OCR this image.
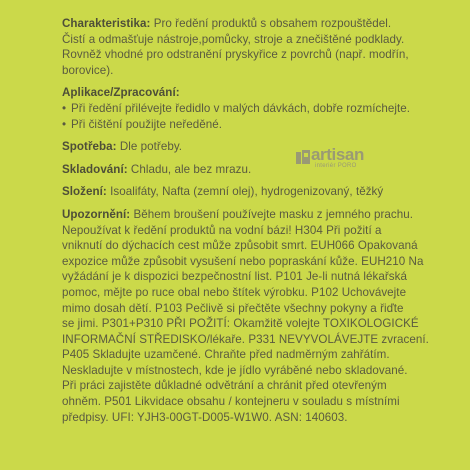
Charakteristika: Pro ředění produktů s obsahem rozpouštědel.
Čistí a odmašťuje nástroje,pomůcky, stroje a znečištěné podklady.
Rovněž vhodné pro odstranění pryskyřice z povrchů (např. modřín,
borovice).
Aplikace/Zpracování:
• Při ředění přilévejte ředidlo v malých dávkách, dobře rozmíchejte.
• Při čištění použijte neředěné.
Spotřeba: Dle potřeby.
Skladování: Chladu, ale bez mrazu.
Složení: Isoalifáty, Nafta (zemní olej), hydrogenizovaný, těžký
Upozornění: Během broušení používejte masku z jemného prachu.
Nepoužívat k ředění produktů na vodní bázi! H304 Při požití a
vniknutí do dýchacích cest může způsobit smrt. EUH066 Opakovaná
expozice může způsobit vysušení nebo popraskání kůže. EUH210 Na
vyžádání je k dispozici bezpečnostní list. P101 Je-li nutná lékařská
pomoc, mějte po ruce obal nebo štítek výrobku. P102 Uchovávejte
mimo dosah dětí. P103 Pečlivě si přečtěte všechny pokyny a řiďte
se jimi. P301+P310 PŘI POŽITÍ: Okamžitě volejte TOXIKOLOGICKÉ
INFORMAČNÍ STŘEDISKO/lékaře. P331 NEVYVOLÁVEJTE zvracení.
P405 Skladujte uzamčené. Chraňte před nadměrným zahřátím.
Neskladujte v místnostech, kde je jídlo vyráběné nebo skladované.
Při práci zajistěte důkladné odvětrání a chránit před otevřeným
ohněm. P501 Likvidace obsahu / kontejneru v souladu s místními
předpisy. UFI: YJH3-00GT-D005-W1W0. ASN: 140603.
artisan
interiér PORO
